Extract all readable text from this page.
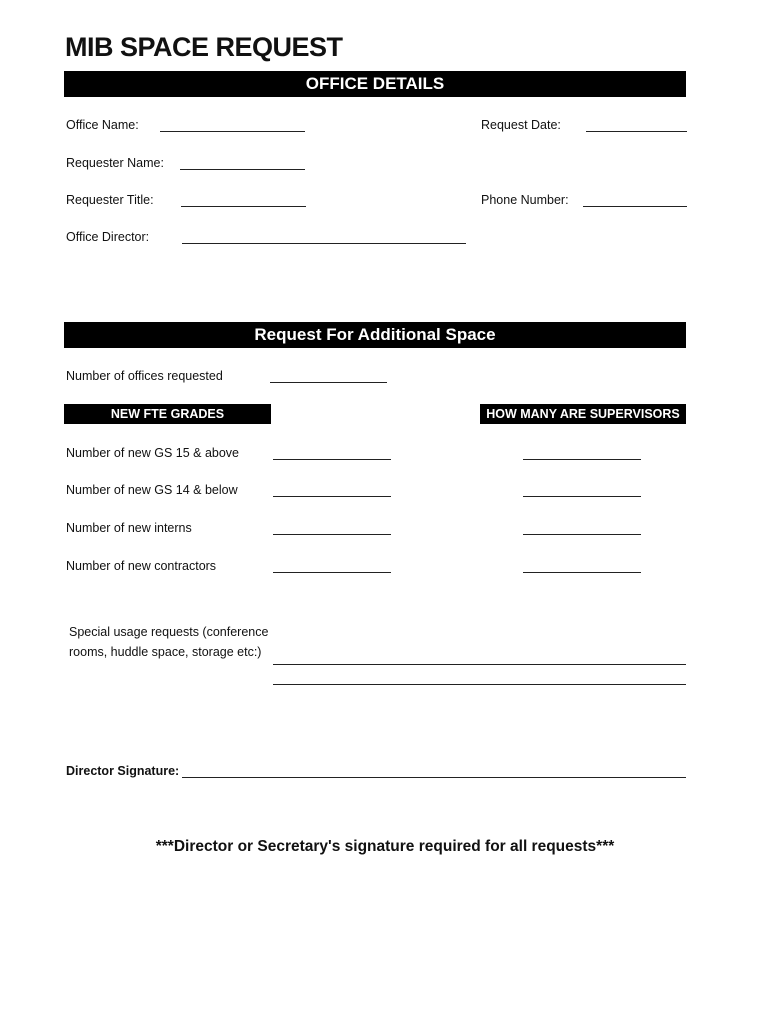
MIB SPACE REQUEST
OFFICE DETAILS
Office Name:	Request Date:
Requester Name:
Requester Title:	Phone Number:
Office Director:
Request For Additional Space
Number of offices requested
NEW FTE GRADES	HOW MANY ARE SUPERVISORS
Number of new GS 15 & above
Number of new GS 14 & below
Number of new interns
Number of new contractors
Special usage requests (conference rooms, huddle space, storage etc:)
Director Signature:
***Director or Secretary's signature required for all requests***
